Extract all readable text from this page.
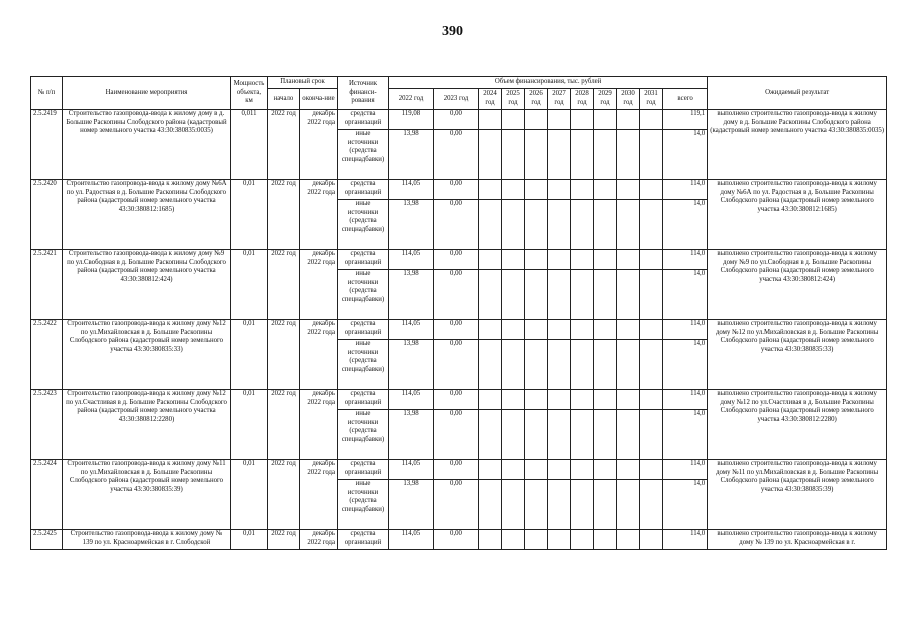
390
№ п/п	Наименование мероприятия	Мощность объекта, км	Плановый срок		Источник финанси-рования	Объем финансирования, тыс. рублей											Ожидаемый результат
			начало	оконча-ние		2022 год	2023 год	2024 год	2025 год	2026 год	2027 год	2028 год	2029 год	2030 год	2031 год	всего	
2.5.2419	Строительство газопровода-ввода к жилому дому в д. Большие Раскопины Слободского района (кадастровый номер земельного участка 43:30:380835:0035)	0,011	2022 год	декабрь 2022 года	средства организаций	119,08	0,00									119,1	выполнено строительство газопровода-ввода к жилому дому в д. Большие Раскопины Слободского района (кадастровый номер земельного участка 43:30:380835:0035)
					иные источники (средства спецнадбавки)	13,98	0,00									14,0	
2.5.2420	Строительство газопровода-ввода к жилому дому №6А по ул. Радостная в д. Большие Раскопины Слободского района (кадастровый номер земельного участка 43:30:380812:1685)	0,01	2022 год	декабрь 2022 года	средства организаций	114,05	0,00									114,0	выполнено строительство газопровода-ввода к жилому дому №6А по ул. Радостная в д. Большие Раскопины Слободского района (кадастровый номер земельного участка 43:30:380812:1685)
					иные источники (средства спецнадбавки)	13,98	0,00									14,0	
2.5.2421	Строительство газопровода-ввода к жилому дому №9 по ул.Свободная в д. Большие Раскопины Слободского района (кадастровый номер земельного участка 43:30:380812:424)	0,01	2022 год	декабрь 2022 года	средства организаций	114,05	0,00									114,0	выполнено строительство газопровода-ввода к жилому дому №9 по ул.Свободная в д. Большие Раскопины Слободского района (кадастровый номер земельного участка 43:30:380812:424)
					иные источники (средства спецнадбавки)	13,98	0,00									14,0	
2.5.2422	Строительство газопровода-ввода к жилому дому №12 по ул.Михайловская в д. Большие Раскопины Слободского района (кадастровый номер земельного участка 43:30:380835:33)	0,01	2022 год	декабрь 2022 года	средства организаций	114,05	0,00									114,0	выполнено строительство газопровода-ввода к жилому дому №12 по ул.Михайловская в д. Большие Раскопины Слободского района (кадастровый номер земельного участка 43:30:380835:33)
					иные источники (средства спецнадбавки)	13,98	0,00									14,0	
2.5.2423	Строительство газопровода-ввода к жилому дому №12 по ул.Счастливая в д. Большие Раскопины Слободского района (кадастровый номер земельного участка 43:30:380812:2280)	0,01	2022 год	декабрь 2022 года	средства организаций	114,05	0,00									114,0	выполнено строительство газопровода-ввода к жилому дому №12 по ул.Счастливая в д. Большие Раскопины Слободского района (кадастровый номер земельного участка 43:30:380812:2280)
					иные источники (средства спецнадбавки)	13,98	0,00									14,0	
2.5.2424	Строительство газопровода-ввода к жилому дому №11 по ул.Михайловская в д. Большие Раскопины Слободского района (кадастровый номер земельного участка 43:30:380835:39)	0,01	2022 год	декабрь 2022 года	средства организаций	114,05	0,00									114,0	выполнено строительство газопровода-ввода к жилому дому №11 по ул.Михайловская в д. Большие Раскопины Слободского района (кадастровый номер земельного участка 43:30:380835:39)
					иные источники (средства спецнадбавки)	13,98	0,00									14,0	
2.5.2425	Строительство газопровода-ввода к жилому дому № 139 по ул. Красноармейская в г. Слободской	0,01	2022 год	декабрь 2022 года	средства организаций	114,05	0,00									114,0	выполнено строительство газопровода-ввода к жилому дому № 139 по ул. Красноармейская в г.
